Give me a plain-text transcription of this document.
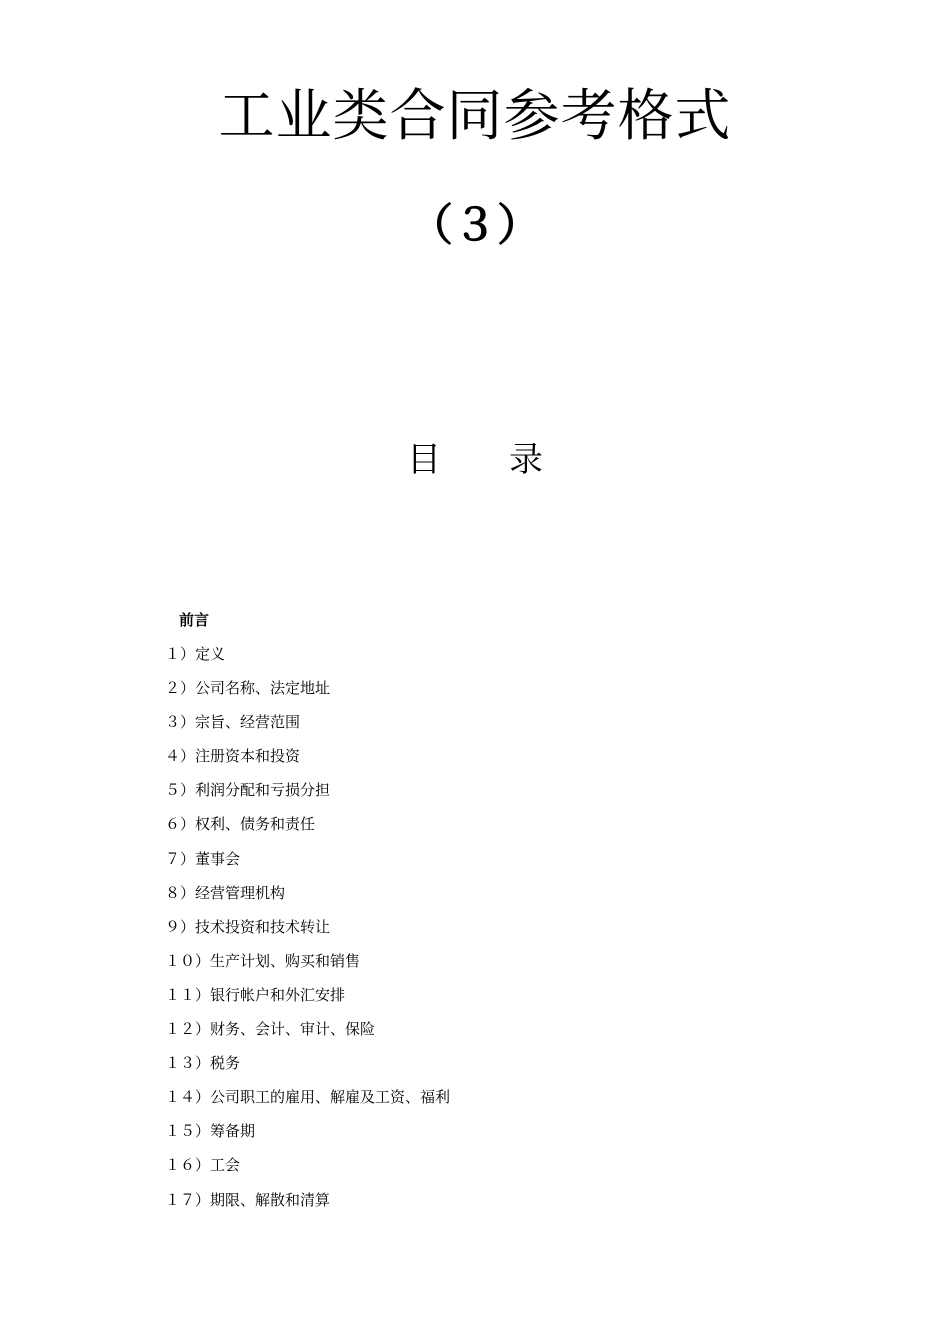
工业类合同参考格式
（３）
目　　录
前言
１）定义
２）公司名称、法定地址
３）宗旨、经营范围
４）注册资本和投资
５）利润分配和亏损分担
６）权利、债务和责任
７）董事会
８）经营管理机构
９）技术投资和技术转让
１０）生产计划、购买和销售
１１）银行帐户和外汇安排
１２）财务、会计、审计、保险
１３）税务
１４）公司职工的雇用、解雇及工资、福利
１５）筹备期
１６）工会
１７）期限、解散和清算
